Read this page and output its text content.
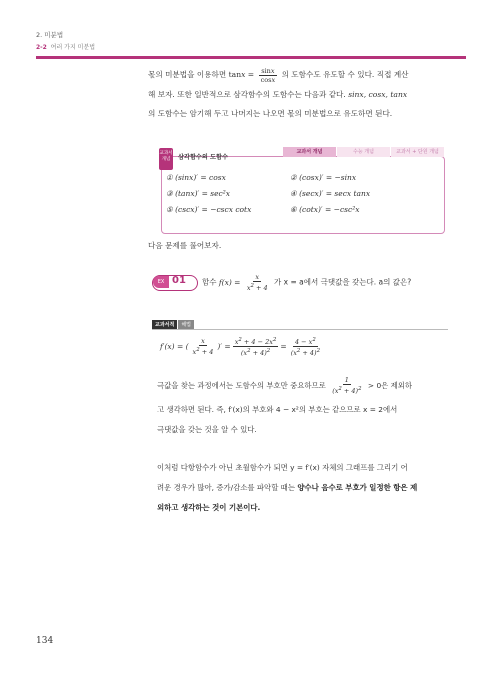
2. 미분법
2-2 여러 가지 미분법
몫의 미분법을 이용하면 $\tan x = \frac{\sin x}{\cos x}$ 의 도함수도 유도할 수 있다. 직접 계산
해 보자. 또한 일반적으로 삼각함수의 도함수는 다음과 같다. sinx, cosx, tanx
의 도함수는 암기해 두고 나머지는 나오면 몫의 미분법으로 유도하면 된다.
교과서 개념	삼각함수의 도함수
교과서 개념	수능 개념	교과서 + 단원 개념
① (sinx)′ = cosx	② (cosx)′ = −sinx
③ (tanx)′ = sec²x	④ (secx)′ = secx tanx
⑤ (cscx)′ = −cscx cotx	⑥ (cotx)′ = −csc²x
다음 문제를 풀어보자.
EX 01 함수 $f(x) = \frac{x}{x^2 + 4}$ 가 x = a에서 극댓값을 갖는다. a의 값은?
교과서적	해법
f′(x) = ( $\frac{x}{x^2 + 4}$ )′ = $\frac{x^2 + 4 - 2x^2}{(x^2 + 4)^2} = \frac{4 - x^2}{(x^2 + 4)^2}$
극값을 찾는 과정에서는 도함수의 부호만 중요하므로 $\frac{1}{(x^2 + 4)^2} > 0$은 제외하
고 생각하면 된다. 즉, f′(x)의 부호와 4 − x²의 부호는 같으므로 x = 2에서
극댓값을 갖는 것을 알 수 있다.
이처럼 다항함수가 아닌 초월함수가 되면 y = f′(x) 자체의 그래프를 그리기 어
려운 경우가 많아, 증가/감소를 파악할 때는 양수나 음수로 부호가 일정한 항은 제
외하고 생각하는 것이 기본이다.
134
